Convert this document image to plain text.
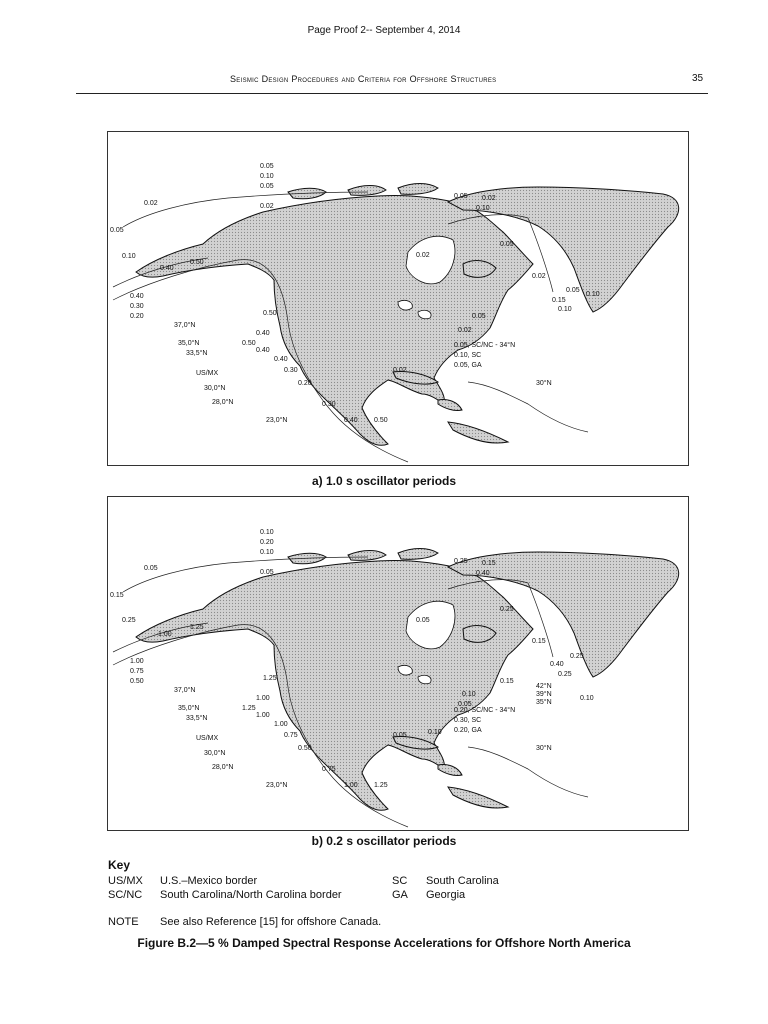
Page Proof 2-- September 4, 2014
Seismic Design Procedures and Criteria for Offshore Structures	35
0.05
0.10
0.05
0.02
0.02
0.05
0.10
0.40
0.50
0.40
0.30
0.20
0.05 0.02
0.10
0.02
0.05
0.02
0.05
0.10
0.15
0.10
0.05
0.02
0.50
37,0°N
0.40
35,0°N	0.50
33,5°N	0.40
US/MX
0.40
0.30
30,0°N
0.20
28,0°N	0.30
23,0°N	0.40 0.50
0.05, SC/NC - 34°N
0.10, SC
0.05, GA
0.02
30°N
a) 1.0 s oscillator periods
0.10
0.20
0.10
0.05
0.05
0.15
0.25
1.00
1.25
1.00
0.75
0.50
0.25 0.15
0.40
0.05
0.25
0.15
0.25
0.40
0.25
0.15
42°N
39°N
35°N
0.10
0.10
0.05
0.20, SC/NC - 34°N
0.30, SC
0.20, GA
0.10
0.05
1.25
37,0°N
1.00
35,0°N	1.25
33,5°N	1.00
US/MX
1.00
0.75
30,0°N
0.50
28,0°N	0.75
23,0°N	1.00 1.25
30°N
b) 0.2 s oscillator periods
Key
US/MX	U.S.–Mexico border	SC	South Carolina
SC/NC	South Carolina/North Carolina border	GA	Georgia
NOTE See also Reference [15] for offshore Canada.
Figure B.2—5 % Damped Spectral Response Accelerations for Offshore North America
